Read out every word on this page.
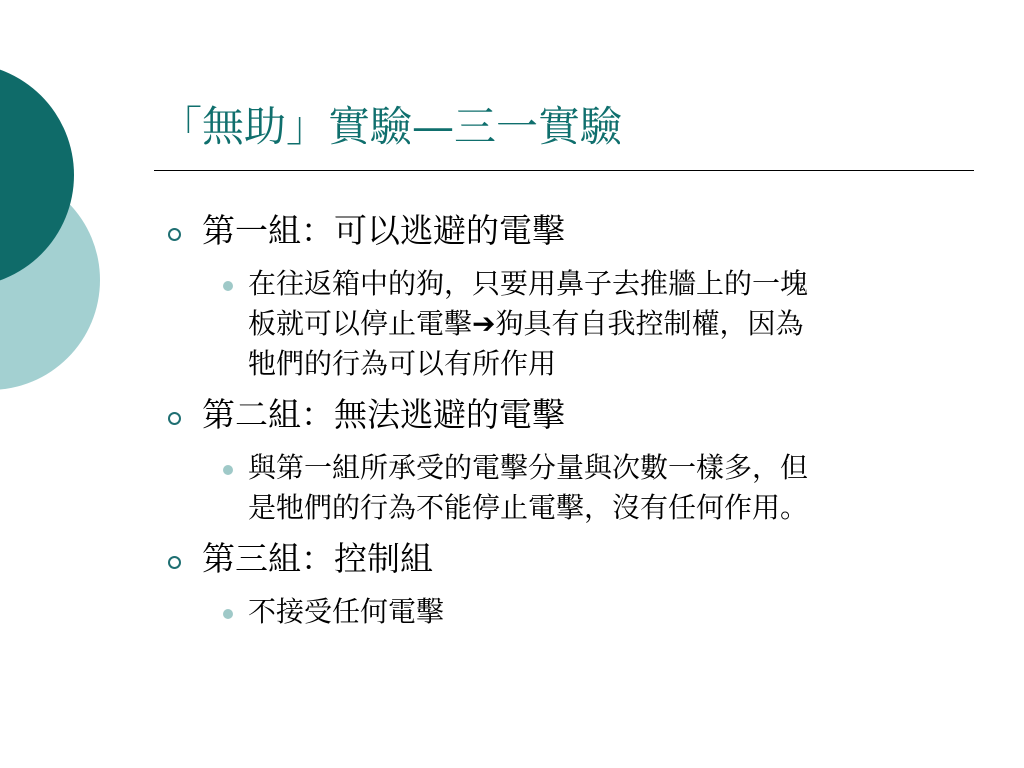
「無助」實驗—三一實驗
第一組：可以逃避的電擊
在往返箱中的狗，只要用鼻子去推牆上的一塊
板就可以停止電擊➔狗具有自我控制權，因為
牠們的行為可以有所作用
第二組：無法逃避的電擊
與第一組所承受的電擊分量與次數一樣多，但
是牠們的行為不能停止電擊，沒有任何作用。
第三組：控制組
不接受任何電擊
